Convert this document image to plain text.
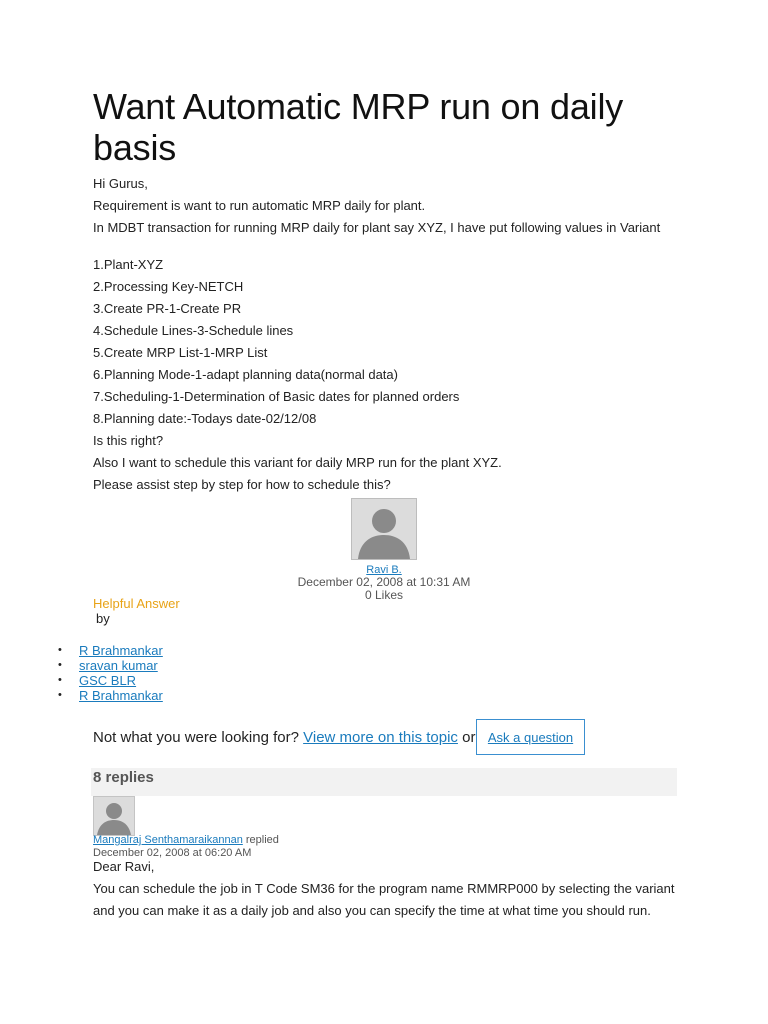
Want Automatic MRP run on daily basis
Hi Gurus,
Requirement is want to run automatic MRP daily for plant.
In MDBT transaction for running MRP daily for plant say XYZ, I have put following values in Variant
1.Plant-XYZ
2.Processing Key-NETCH
3.Create PR-1-Create PR
4.Schedule Lines-3-Schedule lines
5.Create MRP List-1-MRP List
6.Planning Mode-1-adapt planning data(normal data)
7.Scheduling-1-Determination of Basic dates for planned orders
8.Planning date:-Todays date-02/12/08
Is this right?
Also I want to schedule this variant for daily MRP run for the plant XYZ.
Please assist step by step for how to schedule this?
Ravi B.
December 02, 2008 at 10:31 AM
0 Likes
Helpful Answer
by
• R Brahmankar
• sravan kumar
• GSC BLR
• R Brahmankar
Not what you were looking for? View more on this topic or Ask a question
8 replies
Mangalraj Senthamaraikannan replied
December 02, 2008 at 06:20 AM

Dear Ravi,

You can schedule the job in T Code SM36 for the program name RMMRP000 by selecting the variant

and you can make it as a daily job and also you can specify the time at what time you should run.
